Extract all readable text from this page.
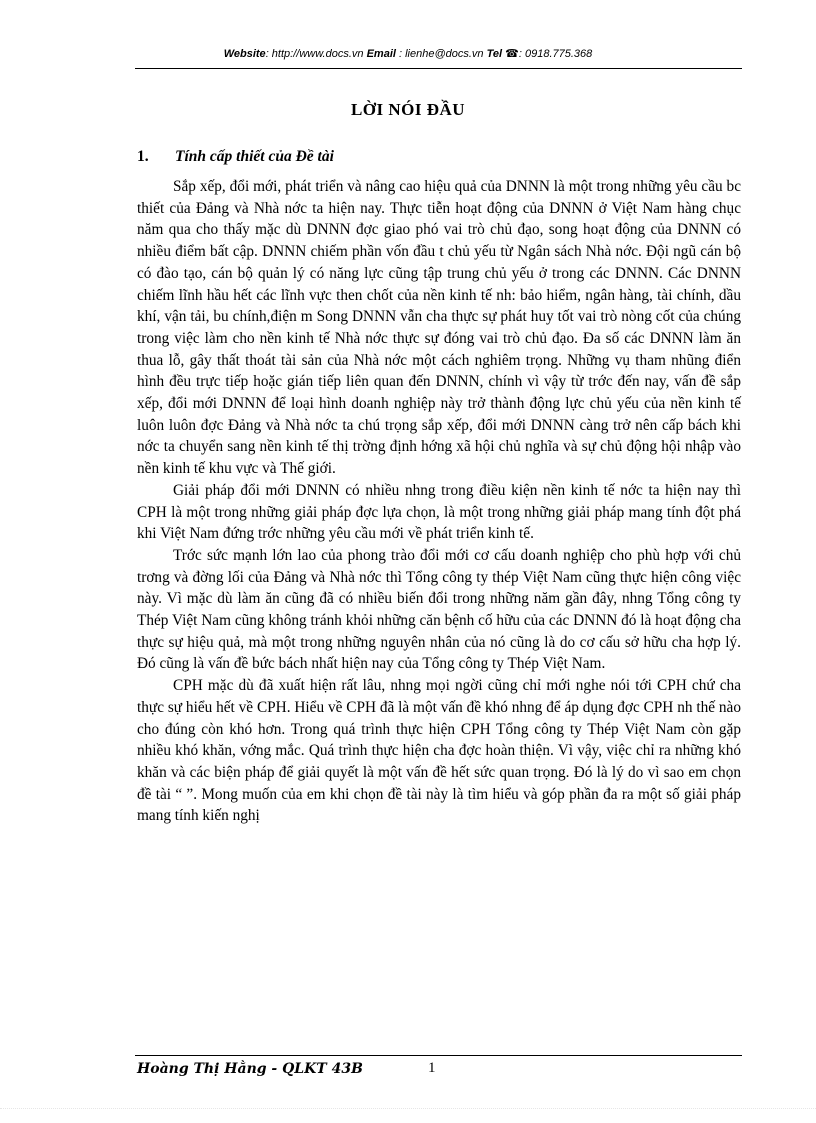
Website: http://www.docs.vn Email : lienhe@docs.vn Tel ☎: 0918.775.368
LỜI NÓI ĐẦU
1. Tính cấp thiết của Đề tài

Sắp xếp, đổi mới, phát triển và nâng cao hiệu quả của DNNN là một trong những yêu cầu bc thiết của Đảng và Nhà nớc ta hiện nay. Thực tiễn hoạt động của DNNN ở Việt Nam hàng chục năm qua cho thấy mặc dù DNNN đợc giao phó vai trò chủ đạo, song hoạt động của DNNN có nhiều điểm bất cập. DNNN chiếm phần vốn đầu t chủ yếu từ Ngân sách Nhà nớc. Đội ngũ cán bộ có đào tạo, cán bộ quản lý có năng lực cũng tập trung chủ yếu ở trong các DNNN. Các DNNN chiếm lĩnh hầu hết các lĩnh vực then chốt của nền kinh tế nh: bảo hiểm, ngân hàng, tài chính, dầu khí, vận tải, bu chính,điện m Song DNNN vẫn cha thực sự phát huy tốt vai trò nòng cốt của chúng trong việc làm cho nền kinh tế Nhà nớc thực sự đóng vai trò chủ đạo. Đa số các DNNN làm ăn thua lỗ, gây thất thoát tài sản của Nhà nớc một cách nghiêm trọng. Những vụ tham nhũng điển hình đều trực tiếp hoặc gián tiếp liên quan đến DNNN, chính vì vậy từ trớc đến nay, vấn đề sắp xếp, đổi mới DNNN để loại hình doanh nghiệp này trở thành động lực chủ yếu của nền kinh tế luôn luôn đợc Đảng và Nhà nớc ta chú trọng sắp xếp, đổi mới DNNN càng trở nên cấp bách khi nớc ta chuyển sang nền kinh tế thị trờng định hớng xã hội chủ nghĩa và sự chủ động hội nhập vào nền kinh tế khu vực và Thế giới.

Giải pháp đổi mới DNNN có nhiều nhng trong điều kiện nền kinh tế nớc ta hiện nay thì CPH là một trong những giải pháp đợc lựa chọn, là một trong những giải pháp mang tính đột phá khi Việt Nam đứng trớc những yêu cầu mới về phát triển kinh tế.

Trớc sức mạnh lớn lao của phong trào đổi mới cơ cấu doanh nghiệp cho phù hợp với chủ trơng và đờng lối của Đảng và Nhà nớc thì Tổng công ty thép Việt Nam cũng thực hiện công việc này. Vì mặc dù làm ăn cũng đã có nhiều biến đổi trong những năm gần đây, nhng Tổng công ty Thép Việt Nam cũng không tránh khỏi những căn bệnh cố hữu của các DNNN đó là hoạt động cha thực sự hiệu quả, mà một trong những nguyên nhân của nó cũng là do cơ cấu sở hữu cha hợp lý. Đó cũng là vấn đề bức bách nhất hiện nay của Tổng công ty Thép Việt Nam.

CPH mặc dù đã xuất hiện rất lâu, nhng mọi ngời cũng chỉ mới nghe nói tới CPH chứ cha thực sự hiểu hết về CPH. Hiểu về CPH đã là một vấn đề khó nhng để áp dụng đợc CPH nh thế nào cho đúng còn khó hơn. Trong quá trình thực hiện CPH Tổng công ty Thép Việt Nam còn gặp nhiều khó khăn, vớng mắc. Quá trình thực hiện cha đợc hoàn thiện. Vì vậy, việc chỉ ra những khó khăn và các biện pháp để giải quyết là một vấn đề hết sức quan trọng. Đó là lý do vì sao em chọn đề tài “ ”. Mong muốn của em khi chọn đề tài này là tìm hiểu và góp phần đa ra một số giải pháp mang tính kiến nghị

Hoàng Thị Hằng - QLKT 43B	1
